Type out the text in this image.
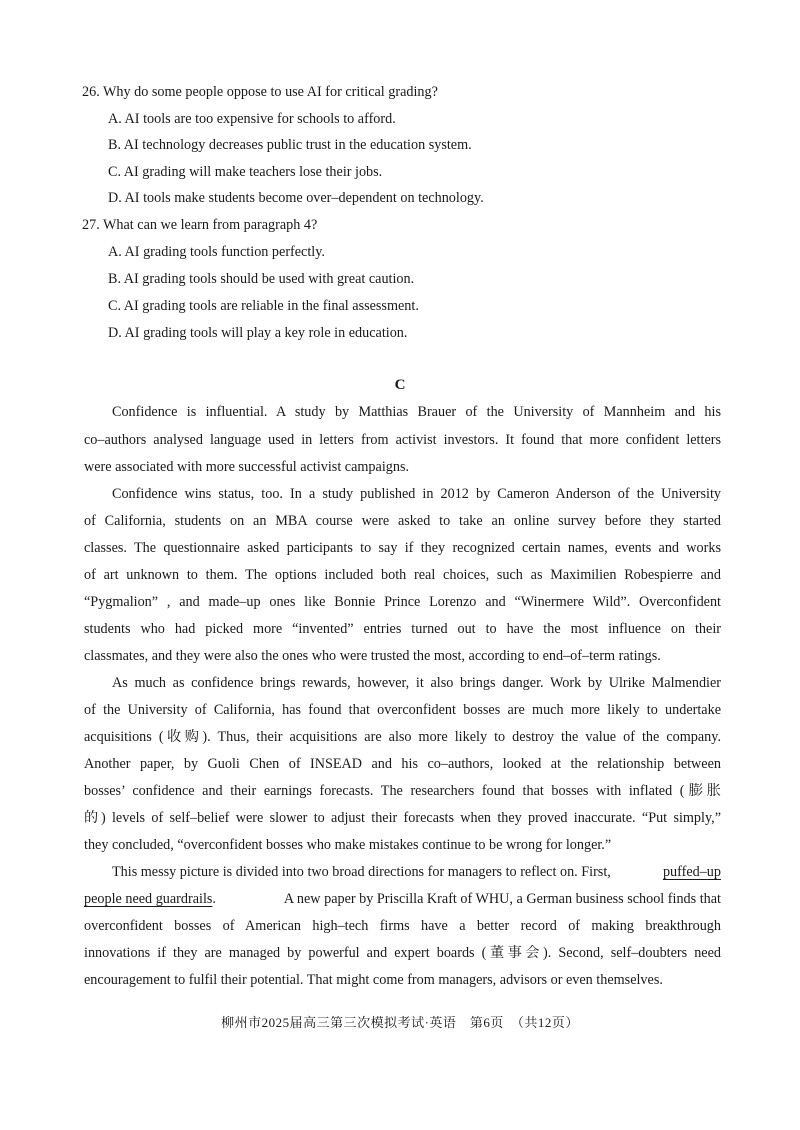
26. Why do some people oppose to use AI for critical grading?
A. AI tools are too expensive for schools to afford.
B. AI technology decreases public trust in the education system.
C. AI grading will make teachers lose their jobs.
D. AI tools make students become over–dependent on technology.
27. What can we learn from paragraph 4?
A. AI grading tools function perfectly.
B. AI grading tools should be used with great caution.
C. AI grading tools are reliable in the final assessment.
D. AI grading tools will play a key role in education.
C
Confidence is influential. A study by Matthias Brauer of the University of Mannheim and his
co–authors analysed language used in letters from activist investors. It found that more confident letters
were associated with more successful activist campaigns.
Confidence wins status, too. In a study published in 2012 by Cameron Anderson of the University
of California, students on an MBA course were asked to take an online survey before they started
classes. The questionnaire asked participants to say if they recognized certain names, events and works
of art unknown to them. The options included both real choices, such as Maximilien Robespierre and
“Pygmalion” , and made–up ones like Bonnie Prince Lorenzo and “Winermere Wild”. Overconfident
students who had picked more “invented” entries turned out to have the most influence on their
classmates, and they were also the ones who were trusted the most, according to end–of–term ratings.
As much as confidence brings rewards, however, it also brings danger. Work by Ulrike Malmendier
of the University of California, has found that overconfident bosses are much more likely to undertake
acquisitions (收购). Thus, their acquisitions are also more likely to destroy the value of the company.
Another paper, by Guoli Chen of INSEAD and his co–authors, looked at the relationship between
bosses’ confidence and their earnings forecasts. The researchers found that bosses with inflated (膨胀
的) levels of self–belief were slower to adjust their forecasts when they proved inaccurate. “Put simply,”
they concluded, “overconfident bosses who make mistakes continue to be wrong for longer.”
This messy picture is divided into two broad directions for managers to reflect on. First,	puffed–up
people need guardrails.	A new paper by Priscilla Kraft of WHU, a German business school finds that
overconfident bosses of American high–tech firms have a better record of making breakthrough
innovations if they are managed by powerful and expert boards (董事会). Second, self–doubters need
encouragement to fulfil their potential. That might come from managers, advisors or even themselves.
柳州市2025届高三第三次模拟考试·英语　第6页　（共12页）
